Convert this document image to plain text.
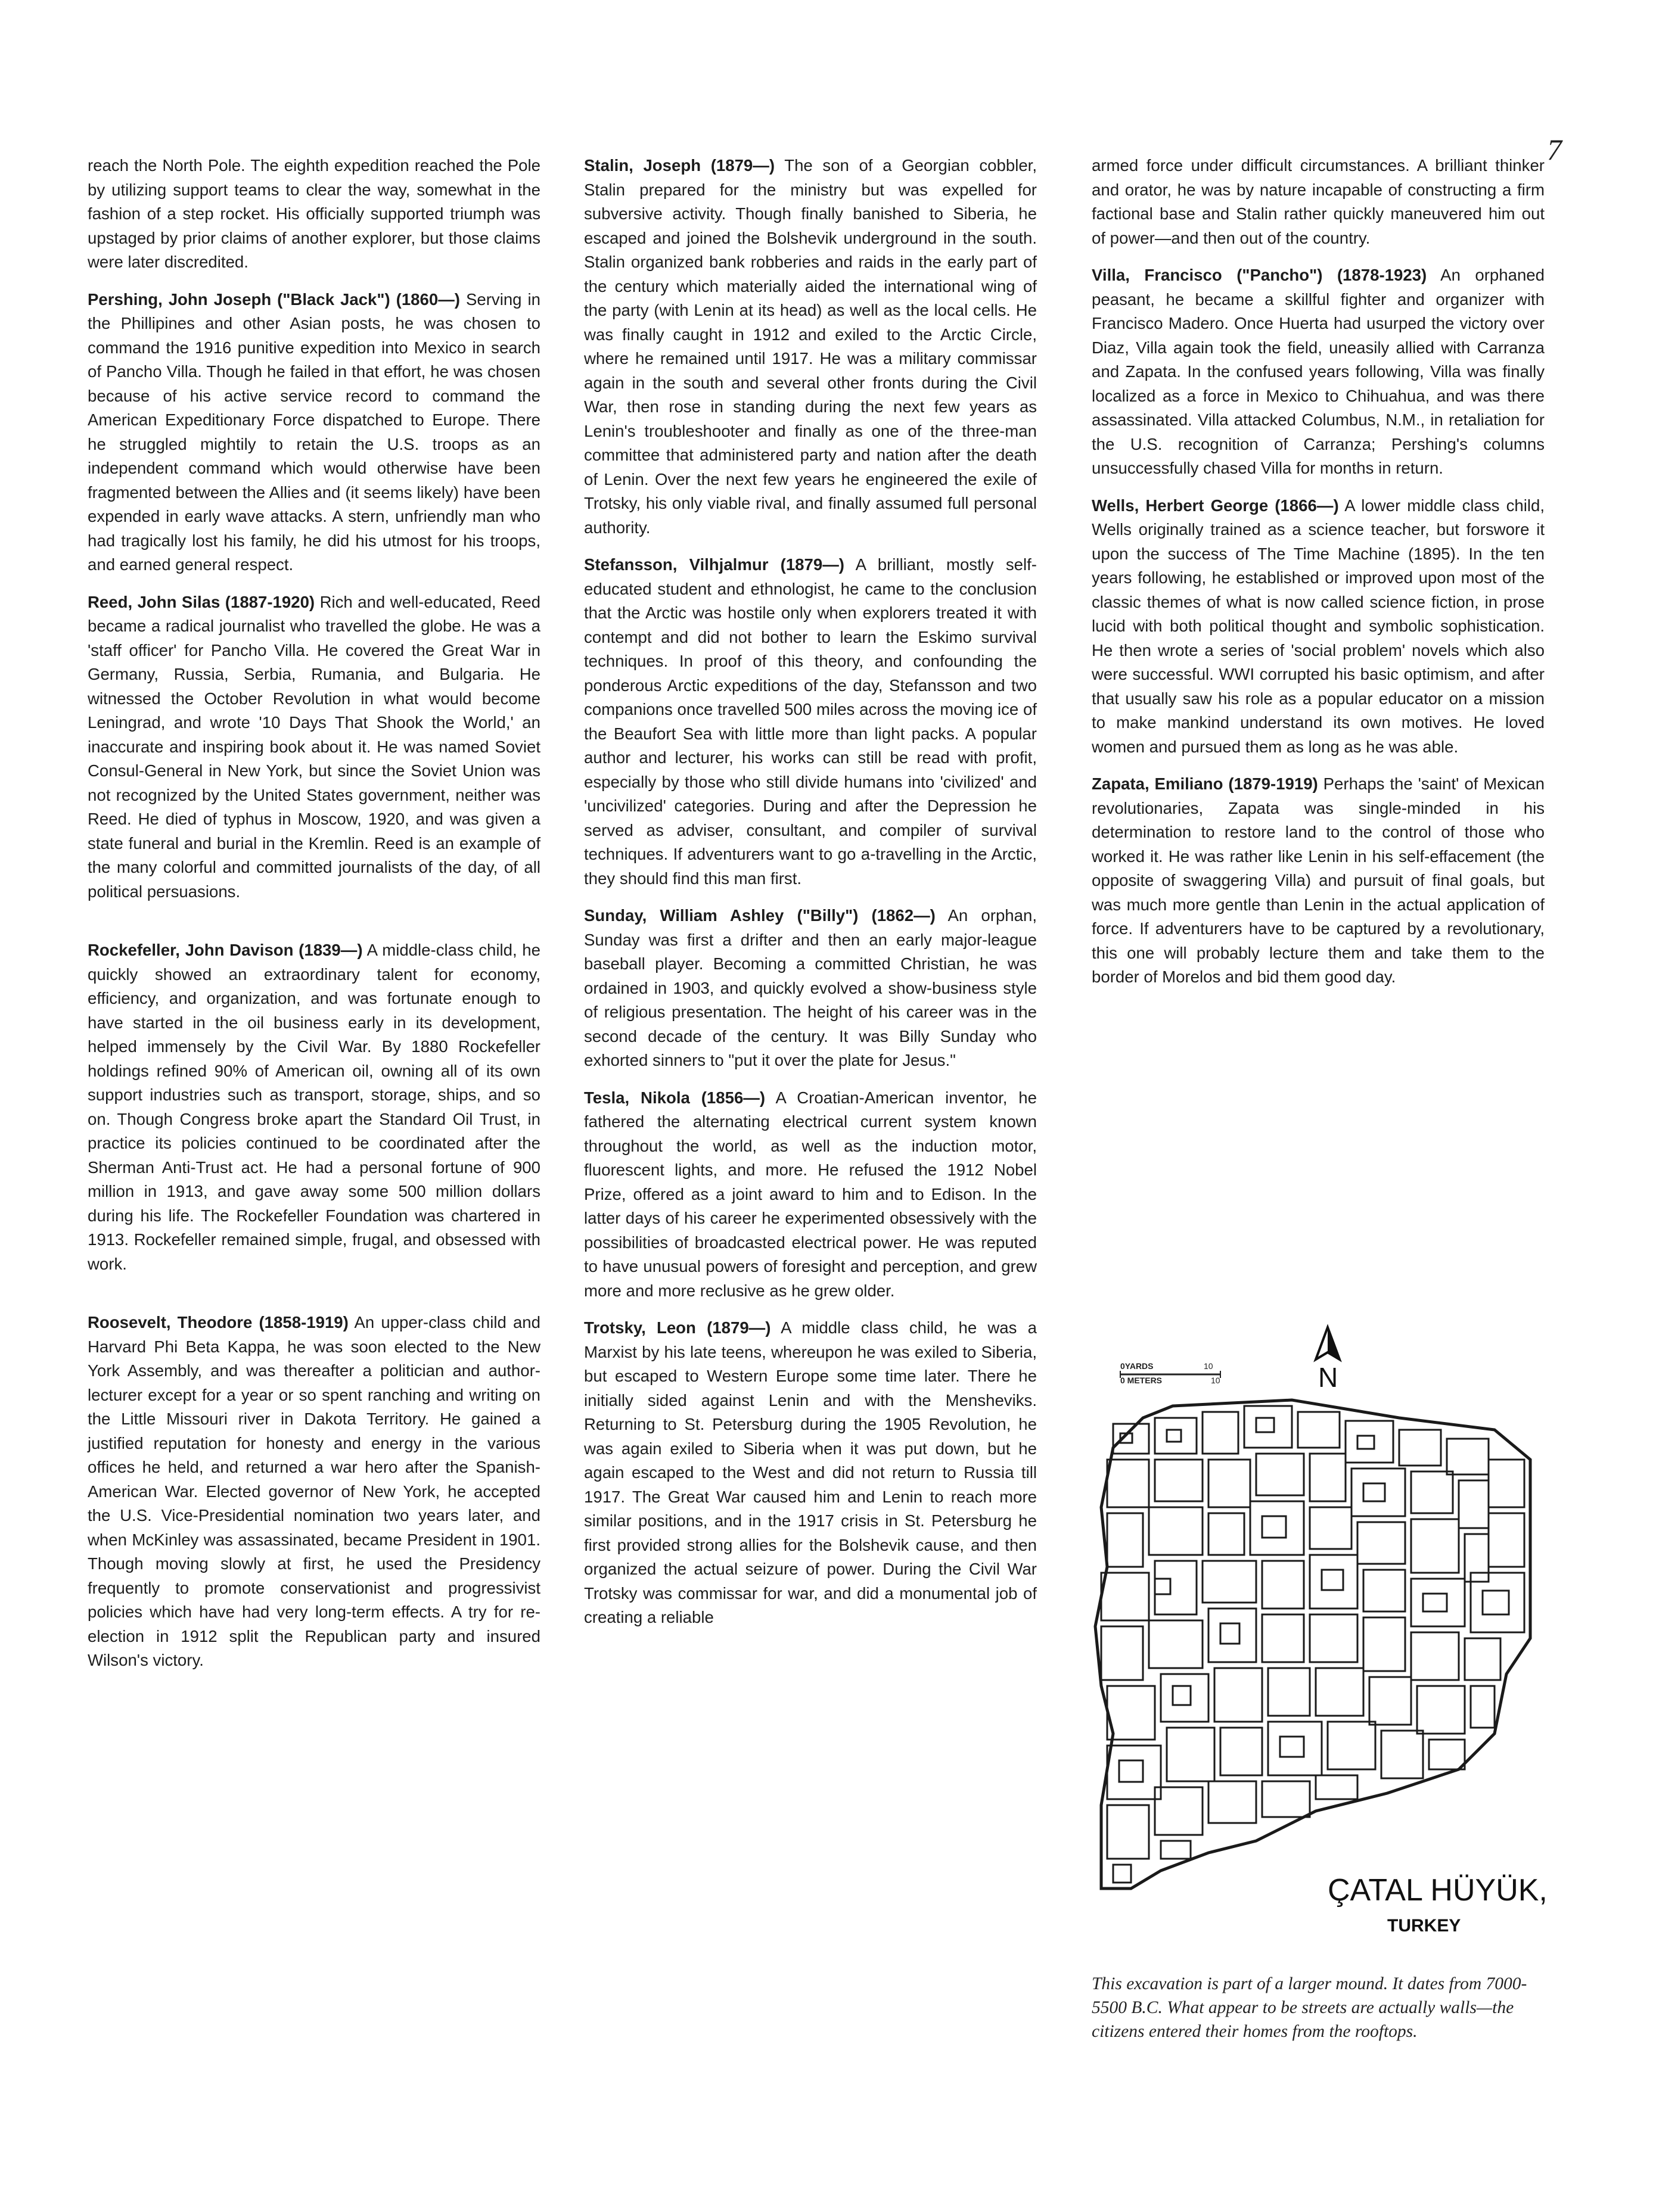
7

reach the North Pole. The eighth expedition reached the Pole by utilizing support teams to clear the way, somewhat in the fashion of a step rocket. His officially supported triumph was upstaged by prior claims of another explorer, but those claims were later discredited.

Pershing, John Joseph ("Black Jack") (1860—) Serving in the Phillipines and other Asian posts, he was chosen to command the 1916 punitive expedition into Mexico in search of Pancho Villa. Though he failed in that effort, he was chosen because of his active service record to command the American Expeditionary Force dispatched to Europe. There he struggled mightily to retain the U.S. troops as an independent command which would otherwise have been fragmented between the Allies and (it seems likely) have been expended in early wave attacks. A stern, unfriendly man who had tragically lost his family, he did his utmost for his troops, and earned general respect.

Reed, John Silas (1887-1920) Rich and well-educated, Reed became a radical journalist who travelled the globe. He was a 'staff officer' for Pancho Villa. He covered the Great War in Germany, Russia, Serbia, Rumania, and Bulgaria. He witnessed the October Revolution in what would become Leningrad, and wrote '10 Days That Shook the World,' an inaccurate and inspiring book about it. He was named Soviet Consul-General in New York, but since the Soviet Union was not recognized by the United States government, neither was Reed. He died of typhus in Moscow, 1920, and was given a state funeral and burial in the Kremlin. Reed is an example of the many colorful and committed journalists of the day, of all political persuasions.

Rockefeller, John Davison (1839—) A middle-class child, he quickly showed an extraordinary talent for economy, efficiency, and organization, and was fortunate enough to have started in the oil business early in its development, helped immensely by the Civil War. By 1880 Rockefeller holdings refined 90% of American oil, owning all of its own support industries such as transport, storage, ships, and so on. Though Congress broke apart the Standard Oil Trust, in practice its policies continued to be coordinated after the Sherman Anti-Trust act. He had a personal fortune of 900 million in 1913, and gave away some 500 million dollars during his life. The Rockefeller Foundation was chartered in 1913. Rockefeller remained simple, frugal, and obsessed with work.

Roosevelt, Theodore (1858-1919) An upper-class child and Harvard Phi Beta Kappa, he was soon elected to the New York Assembly, and was thereafter a politician and author-lecturer except for a year or so spent ranching and writing on the Little Missouri river in Dakota Territory. He gained a justified reputation for honesty and energy in the various offices he held, and returned a war hero after the Spanish-American War. Elected governor of New York, he accepted the U.S. Vice-Presidential nomination two years later, and when McKinley was assassinated, became President in 1901. Though moving slowly at first, he used the Presidency frequently to promote conservationist and progressivist policies which have had very long-term effects. A try for re-election in 1912 split the Republican party and insured Wilson's victory.

Stalin, Joseph (1879—) The son of a Georgian cobbler, Stalin prepared for the ministry but was expelled for subversive activity. Though finally banished to Siberia, he escaped and joined the Bolshevik underground in the south. Stalin organized bank robberies and raids in the early part of the century which materially aided the international wing of the party (with Lenin at its head) as well as the local cells. He was finally caught in 1912 and exiled to the Arctic Circle, where he remained until 1917. He was a military commissar again in the south and several other fronts during the Civil War, then rose in standing during the next few years as Lenin's troubleshooter and finally as one of the three-man committee that administered party and nation after the death of Lenin. Over the next few years he engineered the exile of Trotsky, his only viable rival, and finally assumed full personal authority.

Stefansson, Vilhjalmur (1879—) A brilliant, mostly self-educated student and ethnologist, he came to the conclusion that the Arctic was hostile only when explorers treated it with contempt and did not bother to learn the Eskimo survival techniques. In proof of this theory, and confounding the ponderous Arctic expeditions of the day, Stefansson and two companions once travelled 500 miles across the moving ice of the Beaufort Sea with little more than light packs. A popular author and lecturer, his works can still be read with profit, especially by those who still divide humans into 'civilized' and 'uncivilized' categories. During and after the Depression he served as adviser, consultant, and compiler of survival techniques. If adventurers want to go a-travelling in the Arctic, they should find this man first.

Sunday, William Ashley ("Billy") (1862—) An orphan, Sunday was first a drifter and then an early major-league baseball player. Becoming a committed Christian, he was ordained in 1903, and quickly evolved a show-business style of religious presentation. The height of his career was in the second decade of the century. It was Billy Sunday who exhorted sinners to "put it over the plate for Jesus."

Tesla, Nikola (1856—) A Croatian-American inventor, he fathered the alternating electrical current system known throughout the world, as well as the induction motor, fluorescent lights, and more. He refused the 1912 Nobel Prize, offered as a joint award to him and to Edison. In the latter days of his career he experimented obsessively with the possibilities of broadcasted electrical power. He was reputed to have unusual powers of foresight and perception, and grew more and more reclusive as he grew older.

Trotsky, Leon (1879—) A middle class child, he was a Marxist by his late teens, whereupon he was exiled to Siberia, but escaped to Western Europe some time later. There he initially sided against Lenin and with the Mensheviks. Returning to St. Petersburg during the 1905 Revolution, he was again exiled to Siberia when it was put down, but he again escaped to the West and did not return to Russia till 1917. The Great War caused him and Lenin to reach more similar positions, and in the 1917 crisis in St. Petersburg he first provided strong allies for the Bolshevik cause, and then organized the actual seizure of power. During the Civil War Trotsky was commissar for war, and did a monumental job of creating a reliable

armed force under difficult circumstances. A brilliant thinker and orator, he was by nature incapable of constructing a firm factional base and Stalin rather quickly maneuvered him out of power—and then out of the country.

Villa, Francisco ("Pancho") (1878-1923) An orphaned peasant, he became a skillful fighter and organizer with Francisco Madero. Once Huerta had usurped the victory over Diaz, Villa again took the field, uneasily allied with Carranza and Zapata. In the confused years following, Villa was finally localized as a force in Mexico to Chihuahua, and was there assassinated. Villa attacked Columbus, N.M., in retaliation for the U.S. recognition of Carranza; Pershing's columns unsuccessfully chased Villa for months in return.

Wells, Herbert George (1866—) A lower middle class child, Wells originally trained as a science teacher, but forswore it upon the success of The Time Machine (1895). In the ten years following, he established or improved upon most of the classic themes of what is now called science fiction, in prose lucid with both political thought and symbolic sophistication. He then wrote a series of 'social problem' novels which also were successful. WWI corrupted his basic optimism, and after that usually saw his role as a popular educator on a mission to make mankind understand its own motives. He loved women and pursued them as long as he was able.

Zapata, Emiliano (1879-1919) Perhaps the 'saint' of Mexican revolutionaries, Zapata was single-minded in his determination to restore land to the control of those who worked it. He was rather like Lenin in his self-effacement (the opposite of swaggering Villa) and pursuit of final goals, but was much more gentle than Lenin in the actual application of force. If adventurers have to be captured by a revolutionary, this one will probably lecture them and take them to the border of Morelos and bid them good day.

0YARDS
0 METERS
10
10	N
ÇATAL HÜYÜK,
TURKEY
This excavation is part of a larger mound. It dates from 7000-5500 B.C. What appear to be streets are actually walls—the citizens entered their homes from the rooftops.
